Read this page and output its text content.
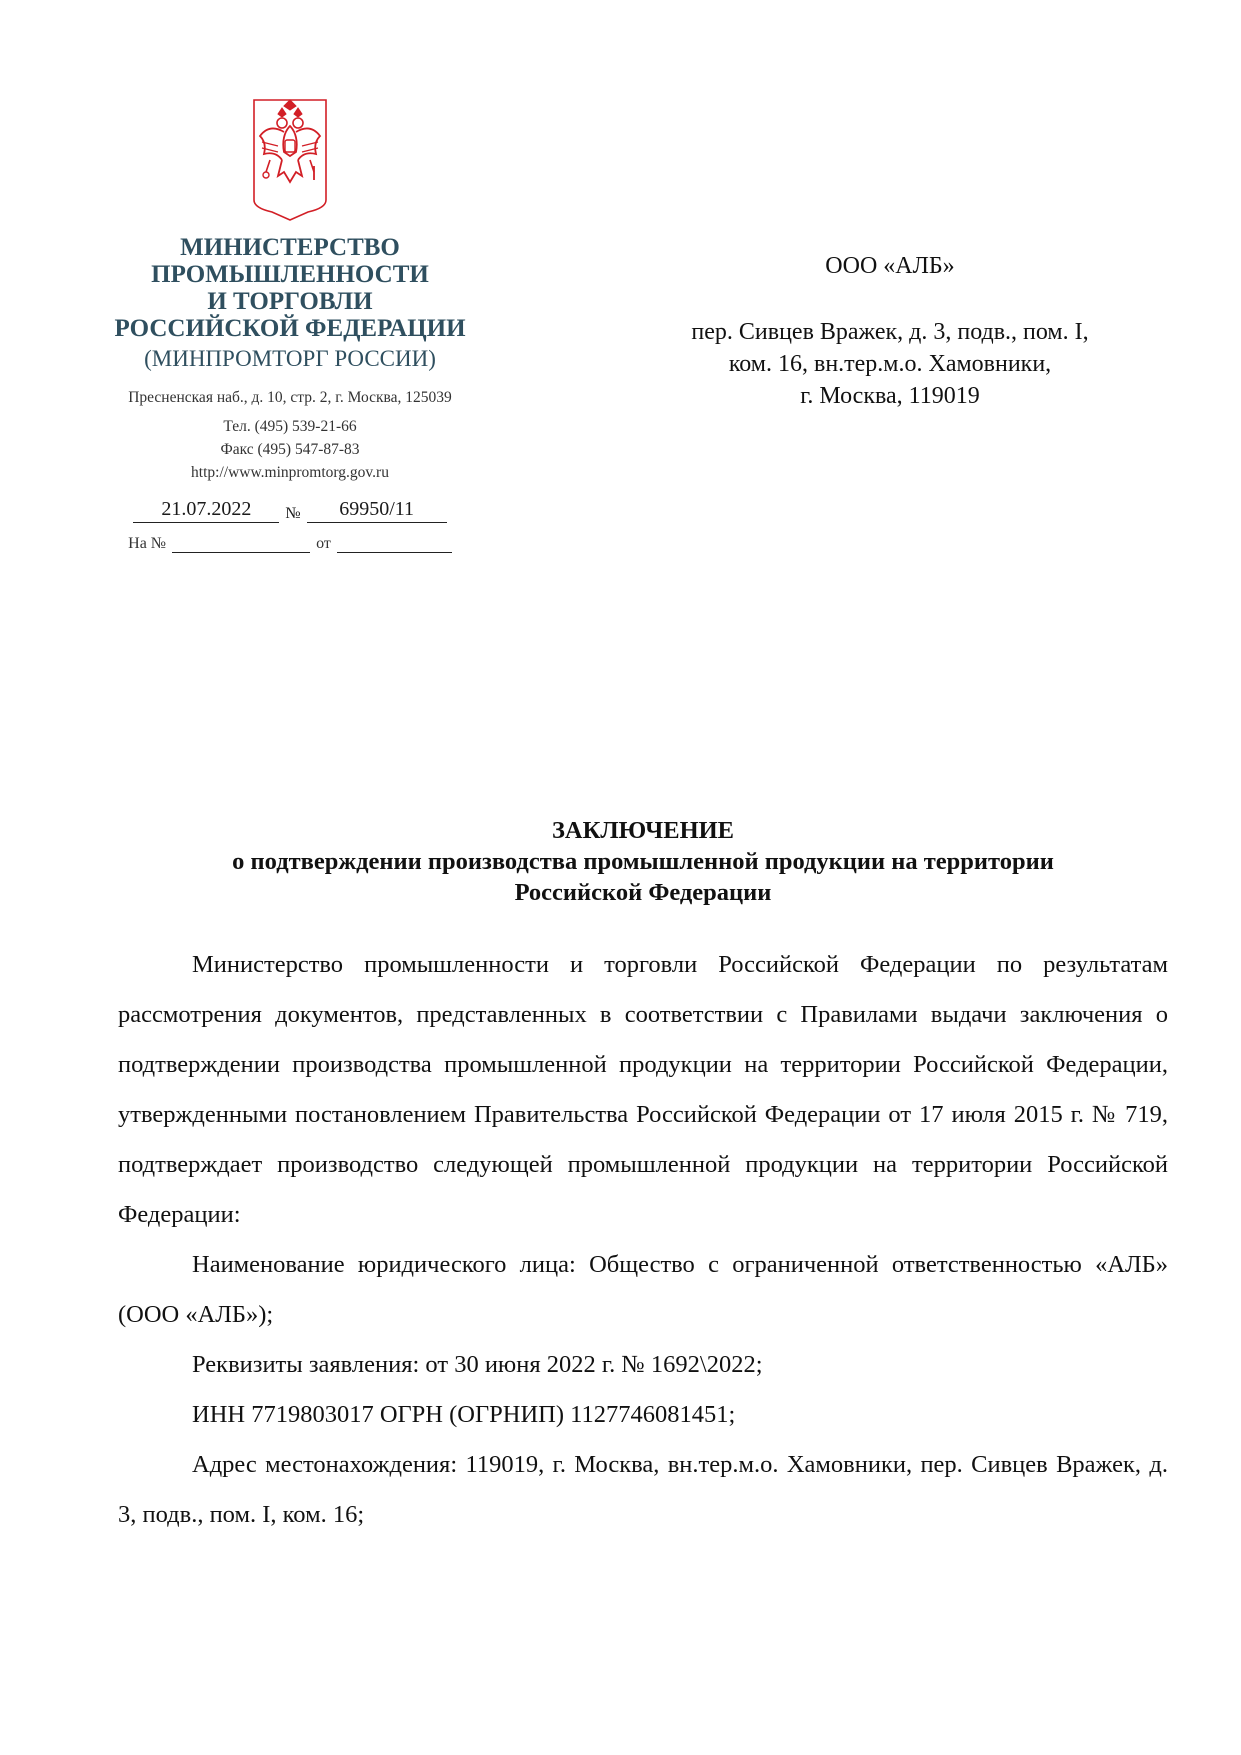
МИНИСТЕРСТВО
ПРОМЫШЛЕННОСТИ
И ТОРГОВЛИ
РОССИЙСКОЙ ФЕДЕРАЦИИ
(МИНПРОМТОРГ РОССИИ)
Пресненская наб., д. 10, стр. 2, г. Москва, 125039
Тел. (495) 539-21-66
Факс (495) 547-87-83
http://www.minpromtorg.gov.ru
21.07.2022	№	69950/11
На №	от
ООО «АЛБ»
пер. Сивцев Вражек, д. 3, подв., пом. I,
ком. 16, вн.тер.м.о. Хамовники,
г. Москва, 119019
ЗАКЛЮЧЕНИЕ
о подтверждении производства промышленной продукции на территории
Российской Федерации

Министерство промышленности и торговли Российской Федерации по результатам рассмотрения документов, представленных в соответствии с Правилами выдачи заключения о подтверждении производства промышленной продукции на территории Российской Федерации, утвержденными постановлением Правительства Российской Федерации от 17 июля 2015 г. № 719, подтверждает производство следующей промышленной продукции на территории Российской Федерации:

Наименование юридического лица: Общество с ограниченной ответственностью «АЛБ» (ООО «АЛБ»);

Реквизиты заявления: от 30 июня 2022 г. № 1692\2022;

ИНН 7719803017 ОГРН (ОГРНИП) 1127746081451;

Адрес местонахождения: 119019, г. Москва, вн.тер.м.о. Хамовники, пер. Сивцев Вражек, д. 3, подв., пом. I, ком. 16;
